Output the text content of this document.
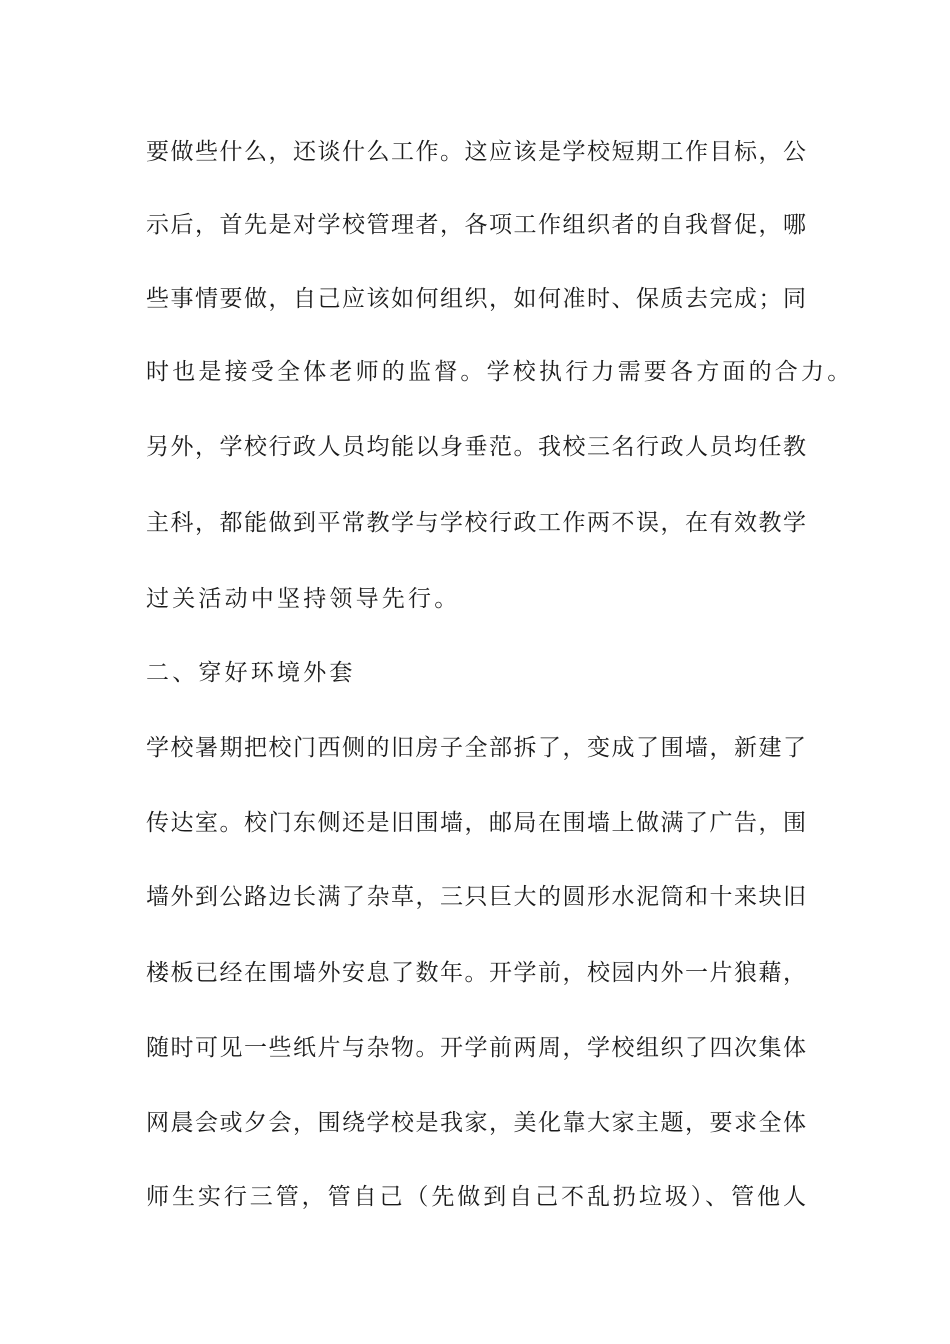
要做些什么，还谈什么工作。这应该是学校短期工作目标，公
示后，首先是对学校管理者，各项工作组织者的自我督促，哪
些事情要做，自己应该如何组织，如何准时、保质去完成；同
时也是接受全体老师的监督。学校执行力需要各方面的合力。
另外，学校行政人员均能以身垂范。我校三名行政人员均任教
主科，都能做到平常教学与学校行政工作两不误，在有效教学
过关活动中坚持领导先行。
二、穿好环境外套
学校暑期把校门西侧的旧房子全部拆了，变成了围墙，新建了
传达室。校门东侧还是旧围墙，邮局在围墙上做满了广告，围
墙外到公路边长满了杂草，三只巨大的圆形水泥筒和十来块旧
楼板已经在围墙外安息了数年。开学前，校园内外一片狼藉，
随时可见一些纸片与杂物。开学前两周，学校组织了四次集体
网晨会或夕会，围绕学校是我家，美化靠大家主题，要求全体
师生实行三管，管自己（先做到自己不乱扔垃圾）、管他人
